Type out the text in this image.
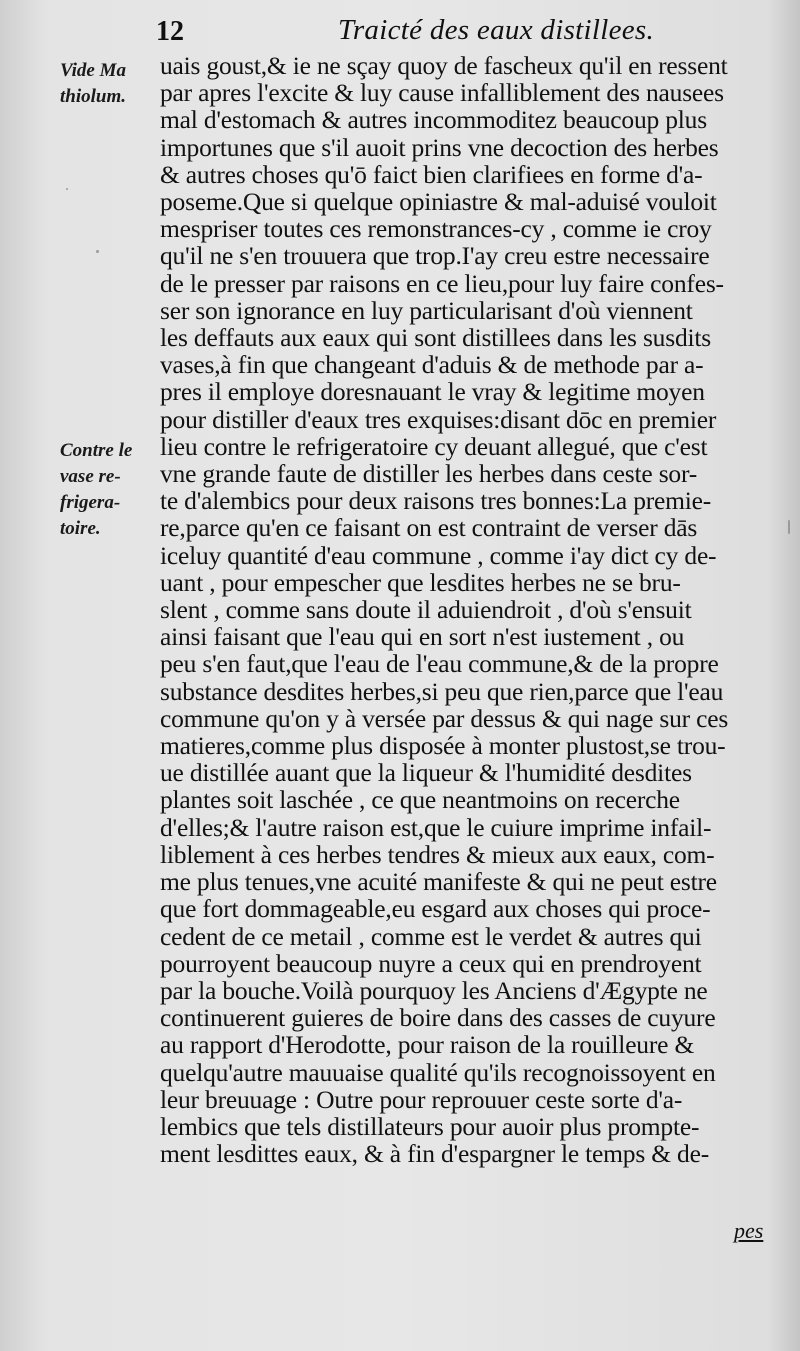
12	Traicté des eaux distillees.
Vide Ma
thiolum.
Contre le
vase re-
frigera-
toire.
uais goust,& ie ne sçay quoy de fascheux qu'il en ressent
par apres l'excite & luy cause infalliblement des nausees
mal d'estomach & autres incommoditez beaucoup plus
importunes que s'il auoit prins vne decoction des herbes
& autres choses qu'ō faict bien clarifiees en forme d'a-
poseme.Que si quelque opiniastre & mal-aduisé vouloit
mespriser toutes ces remonstrances-cy , comme ie croy
qu'il ne s'en trouuera que trop.I'ay creu estre necessaire
de le presser par raisons en ce lieu,pour luy faire confes-
ser son ignorance en luy particularisant d'où viennent
les deffauts aux eaux qui sont distillees dans les susdits
vases,à fin que changeant d'aduis & de methode par a-
pres il employe doresnauant le vray & legitime moyen
pour distiller d'eaux tres exquises:disant dōc en premier
lieu contre le refrigeratoire cy deuant allegué, que c'est
vne grande faute de distiller les herbes dans ceste sor-
te d'alembics pour deux raisons tres bonnes:La premie-
re,parce qu'en ce faisant on est contraint de verser dās
iceluy quantité d'eau commune , comme i'ay dict cy de-
uant , pour empescher que lesdites herbes ne se bru-
slent , comme sans doute il aduiendroit , d'où s'ensuit
ainsi faisant que l'eau qui en sort n'est iustement , ou
peu s'en faut,que l'eau de l'eau commune,& de la propre
substance desdites herbes,si peu que rien,parce que l'eau
commune qu'on y à versée par dessus & qui nage sur ces
matieres,comme plus disposée à monter plustost,se trou-
ue distillée auant que la liqueur & l'humidité desdites
plantes soit laschée , ce que neantmoins on recerche
d'elles;& l'autre raison est,que le cuiure imprime infail-
liblement à ces herbes tendres & mieux aux eaux, com-
me plus tenues,vne acuité manifeste & qui ne peut estre
que fort dommageable,eu esgard aux choses qui proce-
cedent de ce metail , comme est le verdet & autres qui
pourroyent beaucoup nuyre a ceux qui en prendroyent
par la bouche.Voilà pourquoy les Anciens d'Ægypte ne
continuerent guieres de boire dans des casses de cuyure
au rapport d'Herodotte, pour raison de la rouilleure &
quelqu'autre mauuaise qualité qu'ils recognoissoyent en
leur breuuage : Outre pour reprouuer ceste sorte d'a-
lembics que tels distillateurs pour auoir plus prompte-
ment lesdittes eaux, & à fin d'espargner le temps & de-
pes
